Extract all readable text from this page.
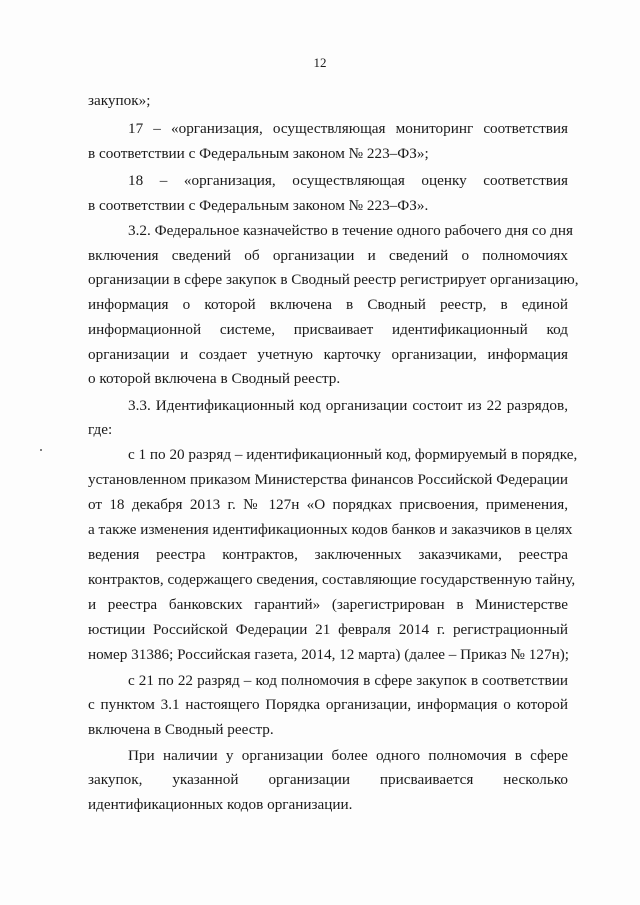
12
закупок»;
17 – «организация, осуществляющая мониторинг соответствия
в соответствии с Федеральным законом № 223–ФЗ»;
18 – «организация, осуществляющая оценку соответствия
в соответствии с Федеральным законом № 223–ФЗ».
3.2. Федеральное казначейство в течение одного рабочего дня со дня
включения сведений об организации и сведений о полномочиях
организации в сфере закупок в Сводный реестр регистрирует организацию,
информация о которой включена в Сводный реестр, в единой
информационной системе, присваивает идентификационный код
организации и создает учетную карточку организации, информация
о которой включена в Сводный реестр.
3.3. Идентификационный код организации состоит из 22 разрядов,
где:
с 1 по 20 разряд – идентификационный код, формируемый в порядке,
установленном приказом Министерства финансов Российской Федерации
от 18 декабря 2013 г. № 127н «О порядках присвоения, применения,
а также изменения идентификационных кодов банков и заказчиков в целях
ведения реестра контрактов, заключенных заказчиками, реестра
контрактов, содержащего сведения, составляющие государственную тайну,
и реестра банковских гарантий» (зарегистрирован в Министерстве
юстиции Российской Федерации 21 февраля 2014 г. регистрационный
номер 31386; Российская газета, 2014, 12 марта) (далее – Приказ № 127н);
с 21 по 22 разряд – код полномочия в сфере закупок в соответствии
с пунктом 3.1 настоящего Порядка организации, информация о которой
включена в Сводный реестр.
При наличии у организации более одного полномочия в сфере
закупок, указанной организации присваивается несколько
идентификационных кодов организации.
